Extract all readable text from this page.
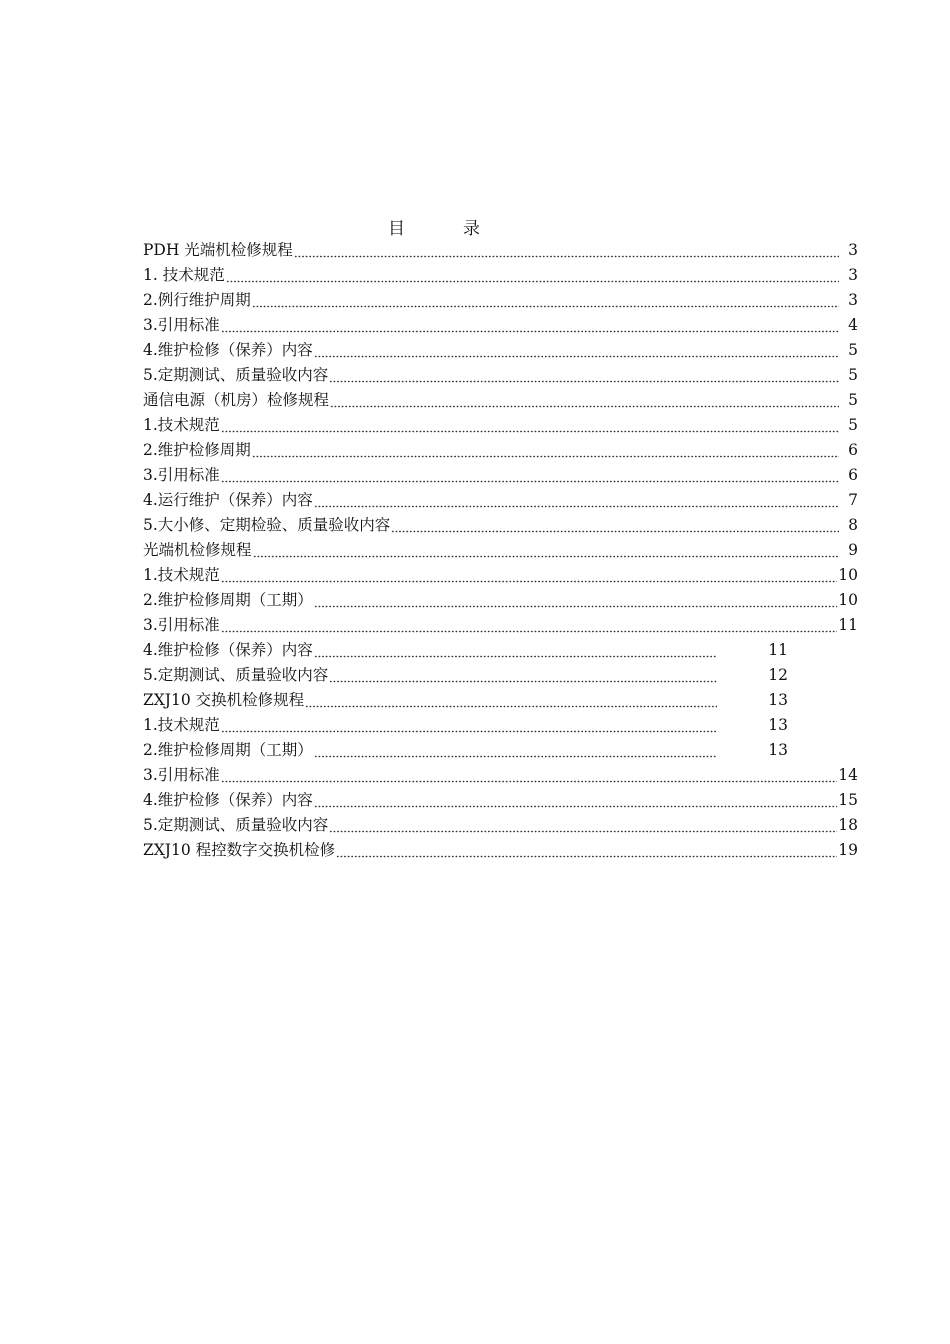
目	录
PDH 光端机检修规程	3
1. 技术规范	3
2.例行维护周期	3
3.引用标准	4
4.维护检修（保养）内容	5
5.定期测试、质量验收内容	5
通信电源（机房）检修规程	5
1.技术规范	5
2.维护检修周期	6
3.引用标准	6
4.运行维护（保养）内容	7
5.大小修、定期检验、质量验收内容	8
光端机检修规程	9
1.技术规范	10
2.维护检修周期（工期）	10
3.引用标准	11
4.维护检修（保养）内容	11
5.定期测试、质量验收内容	12
ZXJ10 交换机检修规程	13
1.技术规范	13
2.维护检修周期（工期）	13
3.引用标准	14
4.维护检修（保养）内容	15
5.定期测试、质量验收内容	18
ZXJ10 程控数字交换机检修	19
